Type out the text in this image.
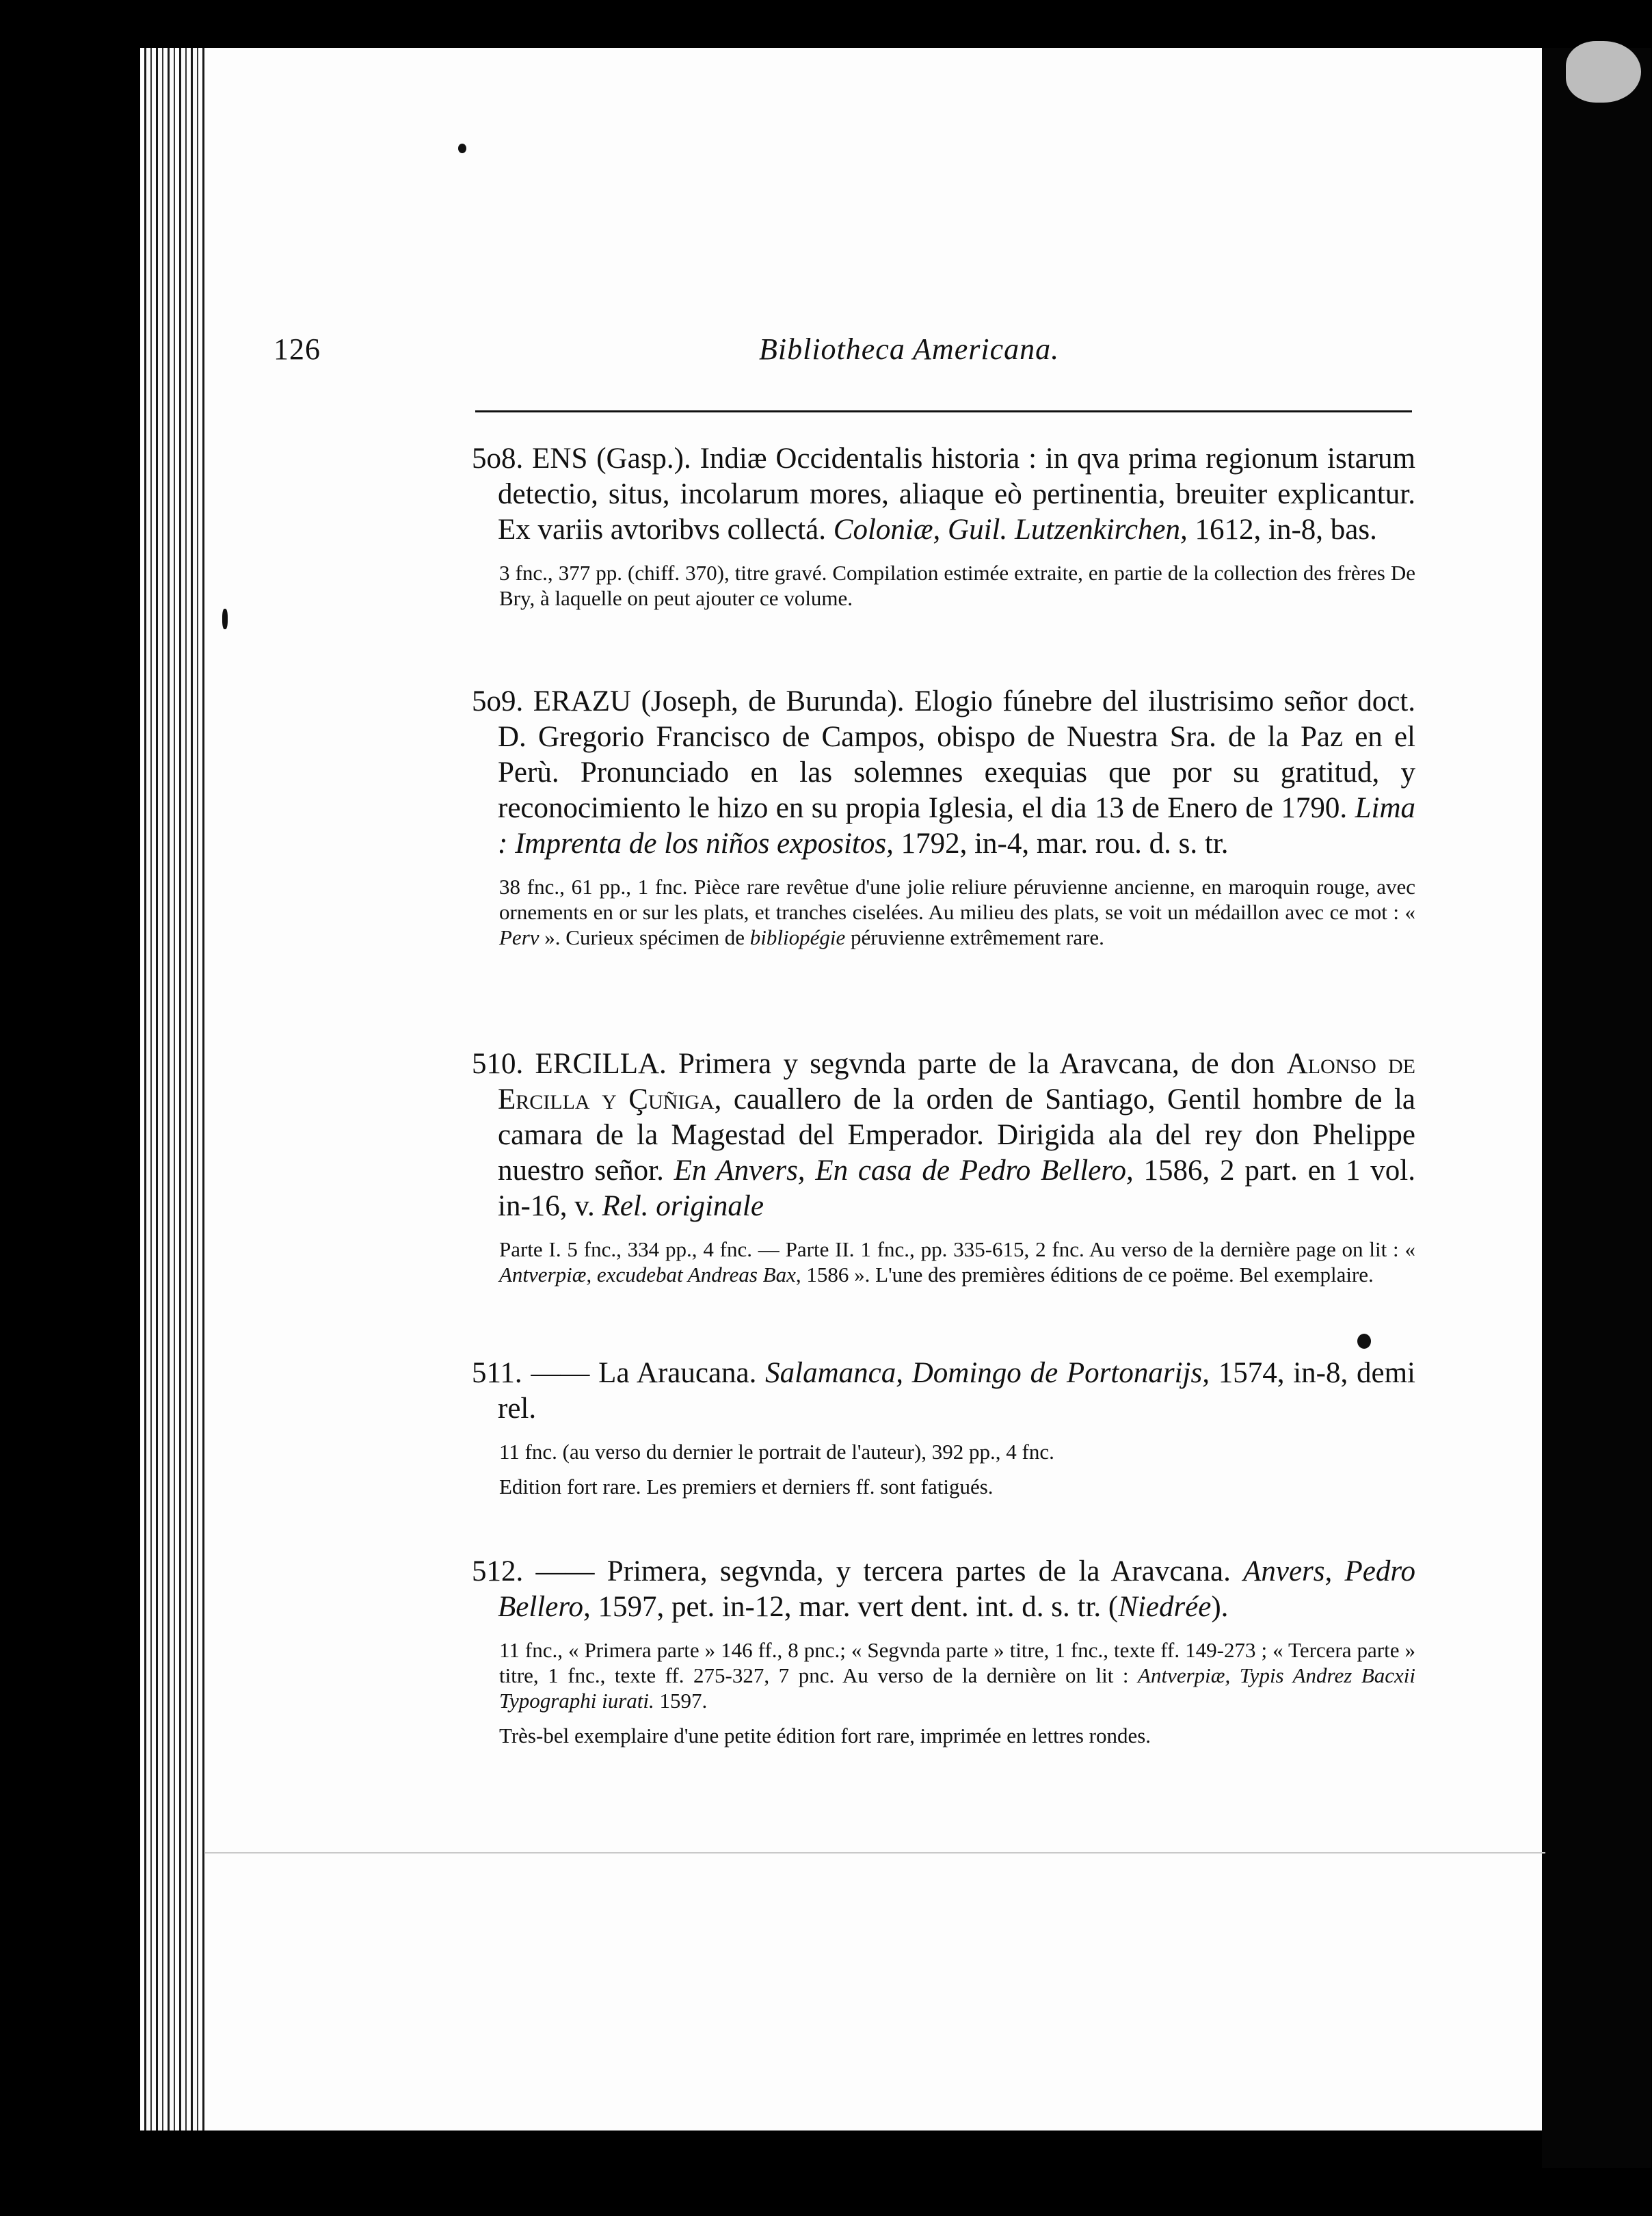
126	Bibliotheca Americana.
5o8. ENS (Gasp.). Indiæ Occidentalis historia : in qva prima regionum istarum detectio, situs, incolarum mores, aliaque eò pertinentia, breuiter explicantur. Ex variis avtoribvs collectá. Coloniæ, Guil. Lutzenkirchen, 1612, in-8, bas.
3 fnc., 377 pp. (chiff. 370), titre gravé. Compilation estimée extraite, en partie de la collection des frères De Bry, à laquelle on peut ajouter ce volume.
5o9. ERAZU (Joseph, de Burunda). Elogio fúnebre del ilustrisimo señor doct. D. Gregorio Francisco de Campos, obispo de Nuestra Sra. de la Paz en el Perù. Pronunciado en las solemnes exequias que por su gratitud, y reconocimiento le hizo en su propia Iglesia, el dia 13 de Enero de 1790. Lima : Imprenta de los niños expositos, 1792, in-4, mar. rou. d. s. tr.
38 fnc., 61 pp., 1 fnc. Pièce rare revêtue d'une jolie reliure péruvienne ancienne, en maroquin rouge, avec ornements en or sur les plats, et tranches ciselées. Au milieu des plats, se voit un médaillon avec ce mot : « Perv ». Curieux spécimen de bibliopégie péruvienne extrêmement rare.
510. ERCILLA. Primera y segvnda parte de la Aravcana, de don Alonso de Ercilla y Çuñiga, cauallero de la orden de Santiago, Gentil hombre de la camara de la Magestad del Emperador. Dirigida ala del rey don Phelippe nuestro señor. En Anvers, En casa de Pedro Bellero, 1586, 2 part. en 1 vol. in-16, v. Rel. originale
Parte I. 5 fnc., 334 pp., 4 fnc. — Parte II. 1 fnc., pp. 335-615, 2 fnc. Au verso de la dernière page on lit : « Antverpiæ, excudebat Andreas Bax, 1586 ». L'une des premières éditions de ce poëme. Bel exemplaire.
511. —— La Araucana. Salamanca, Domingo de Portonarijs, 1574, in-8, demi rel.
11 fnc. (au verso du dernier le portrait de l'auteur), 392 pp., 4 fnc.
Edition fort rare. Les premiers et derniers ff. sont fatigués.
512. —— Primera, segvnda, y tercera partes de la Aravcana. Anvers, Pedro Bellero, 1597, pet. in-12, mar. vert dent. int. d. s. tr. (Niedrée).
11 fnc., « Primera parte » 146 ff., 8 pnc.; « Segvnda parte » titre, 1 fnc., texte ff. 149-273 ; « Tercera parte » titre, 1 fnc., texte ff. 275-327, 7 pnc. Au verso de la dernière on lit : Antverpiæ, Typis Andrez Bacxii Typographi iurati. 1597.
Très-bel exemplaire d'une petite édition fort rare, imprimée en lettres rondes.
